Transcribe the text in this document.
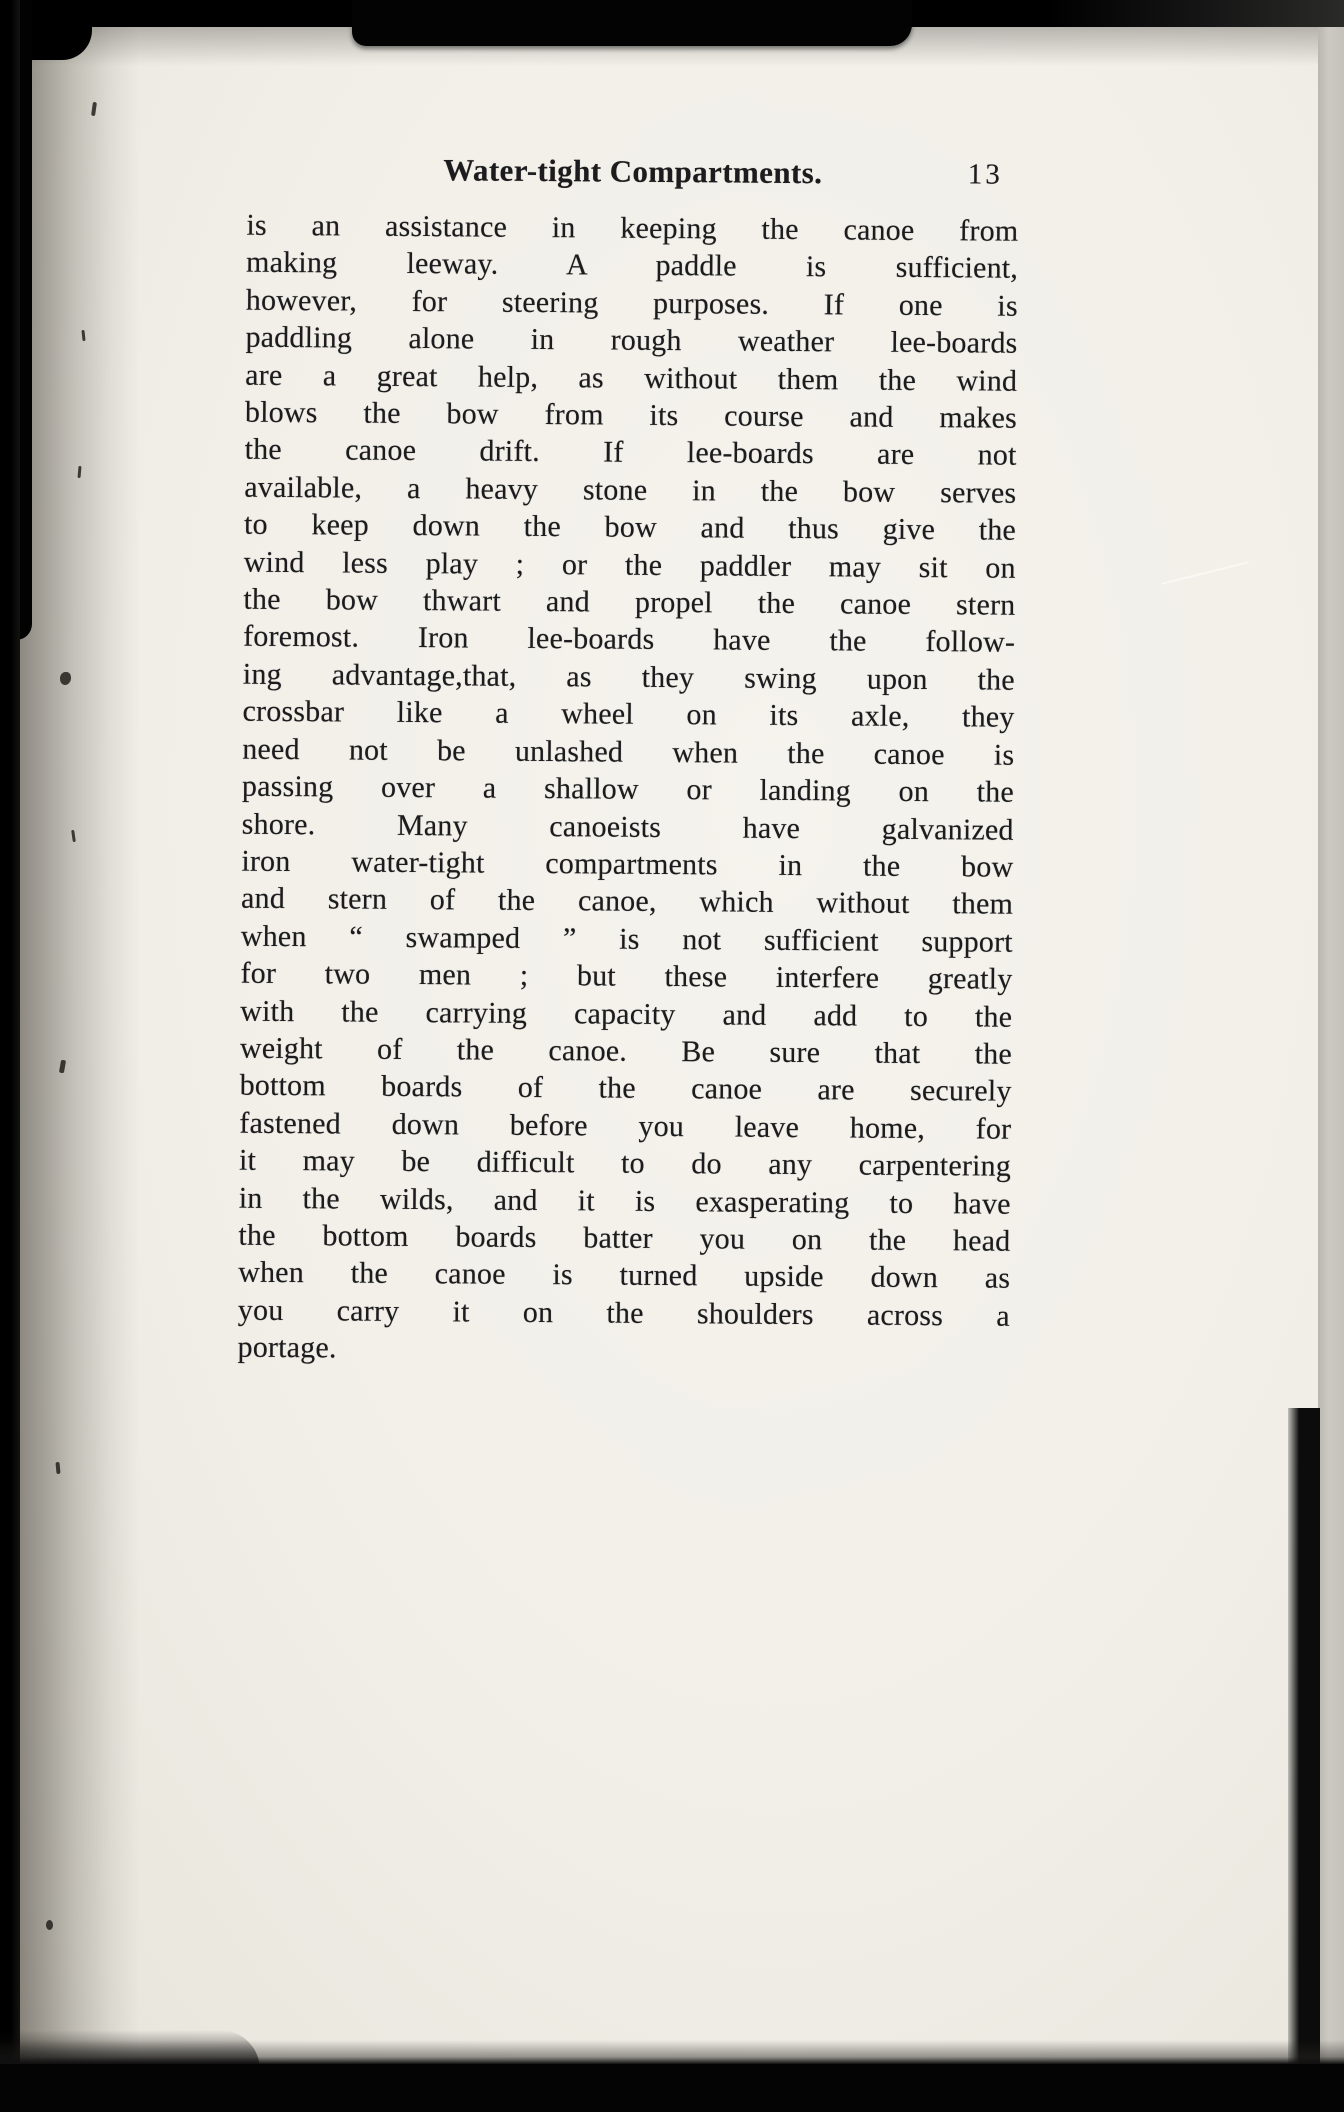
Water-tight Compartments.	13
is an assistance in keeping the canoe from
making leeway. A paddle is sufficient,
however, for steering purposes. If one is
paddling alone in rough weather lee-boards
are a great help, as without them the wind
blows the bow from its course and makes
the canoe drift. If lee-boards are not
available, a heavy stone in the bow serves
to keep down the bow and thus give the
wind less play ; or the paddler may sit on
the bow thwart and propel the canoe stern
foremost. Iron lee-boards have the follow-
ing advantage,that, as they swing upon the
crossbar like a wheel on its axle, they
need not be unlashed when the canoe is
passing over a shallow or landing on the
shore. Many canoeists have galvanized
iron water-tight compartments in the bow
and stern of the canoe, which without them
when “ swamped ” is not sufficient support
for two men ; but these interfere greatly
with the carrying capacity and add to the
weight of the canoe. Be sure that the
bottom boards of the canoe are securely
fastened down before you leave home, for
it may be difficult to do any carpentering
in the wilds, and it is exasperating to have
the bottom boards batter you on the head
when the canoe is turned upside down as
you carry it on the shoulders across a
portage.
